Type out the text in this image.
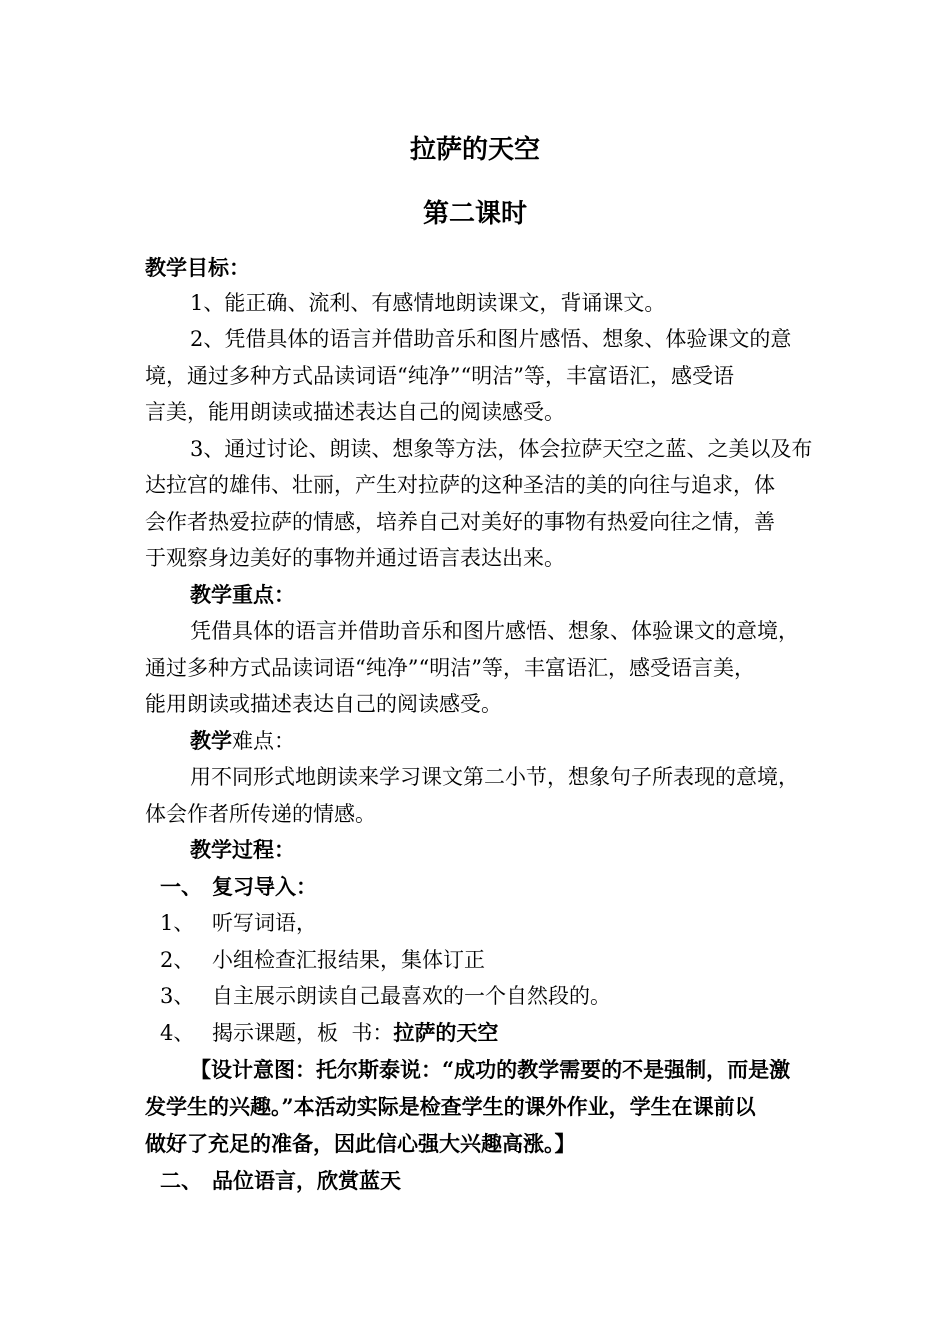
拉萨的天空
第二课时
教学目标：
1、能正确、流利、有感情地朗读课文，背诵课文。
2、凭借具体的语言并借助音乐和图片感悟、想象、体验课文的意
境，通过多种方式品读词语“纯净”“明洁”等，丰富语汇，感受语
言美，能用朗读或描述表达自己的阅读感受。
3、通过讨论、朗读、想象等方法，体会拉萨天空之蓝、之美以及布
达拉宫的雄伟、壮丽，产生对拉萨的这种圣洁的美的向往与追求，体
会作者热爱拉萨的情感，培养自己对美好的事物有热爱向往之情，善
于观察身边美好的事物并通过语言表达出来。
教学重点：
凭借具体的语言并借助音乐和图片感悟、想象、体验课文的意境，
通过多种方式品读词语“纯净”“明洁”等，丰富语汇，感受语言美，
能用朗读或描述表达自己的阅读感受。
教学难点：
用不同形式地朗读来学习课文第二小节，想象句子所表现的意境，
体会作者所传递的情感。
教学过程：
一、 复习导入：
1、 听写词语，
2、 小组检查汇报结果，集体订正
3、 自主展示朗读自己最喜欢的一个自然段的。
4、 揭示课题，板  书：拉萨的天空
【设计意图：托尔斯泰说：“成功的教学需要的不是强制，而是激
发学生的兴趣。”本活动实际是检查学生的课外作业，学生在课前以
做好了充足的准备，因此信心强大兴趣高涨。】
二、 品位语言，欣赏蓝天
